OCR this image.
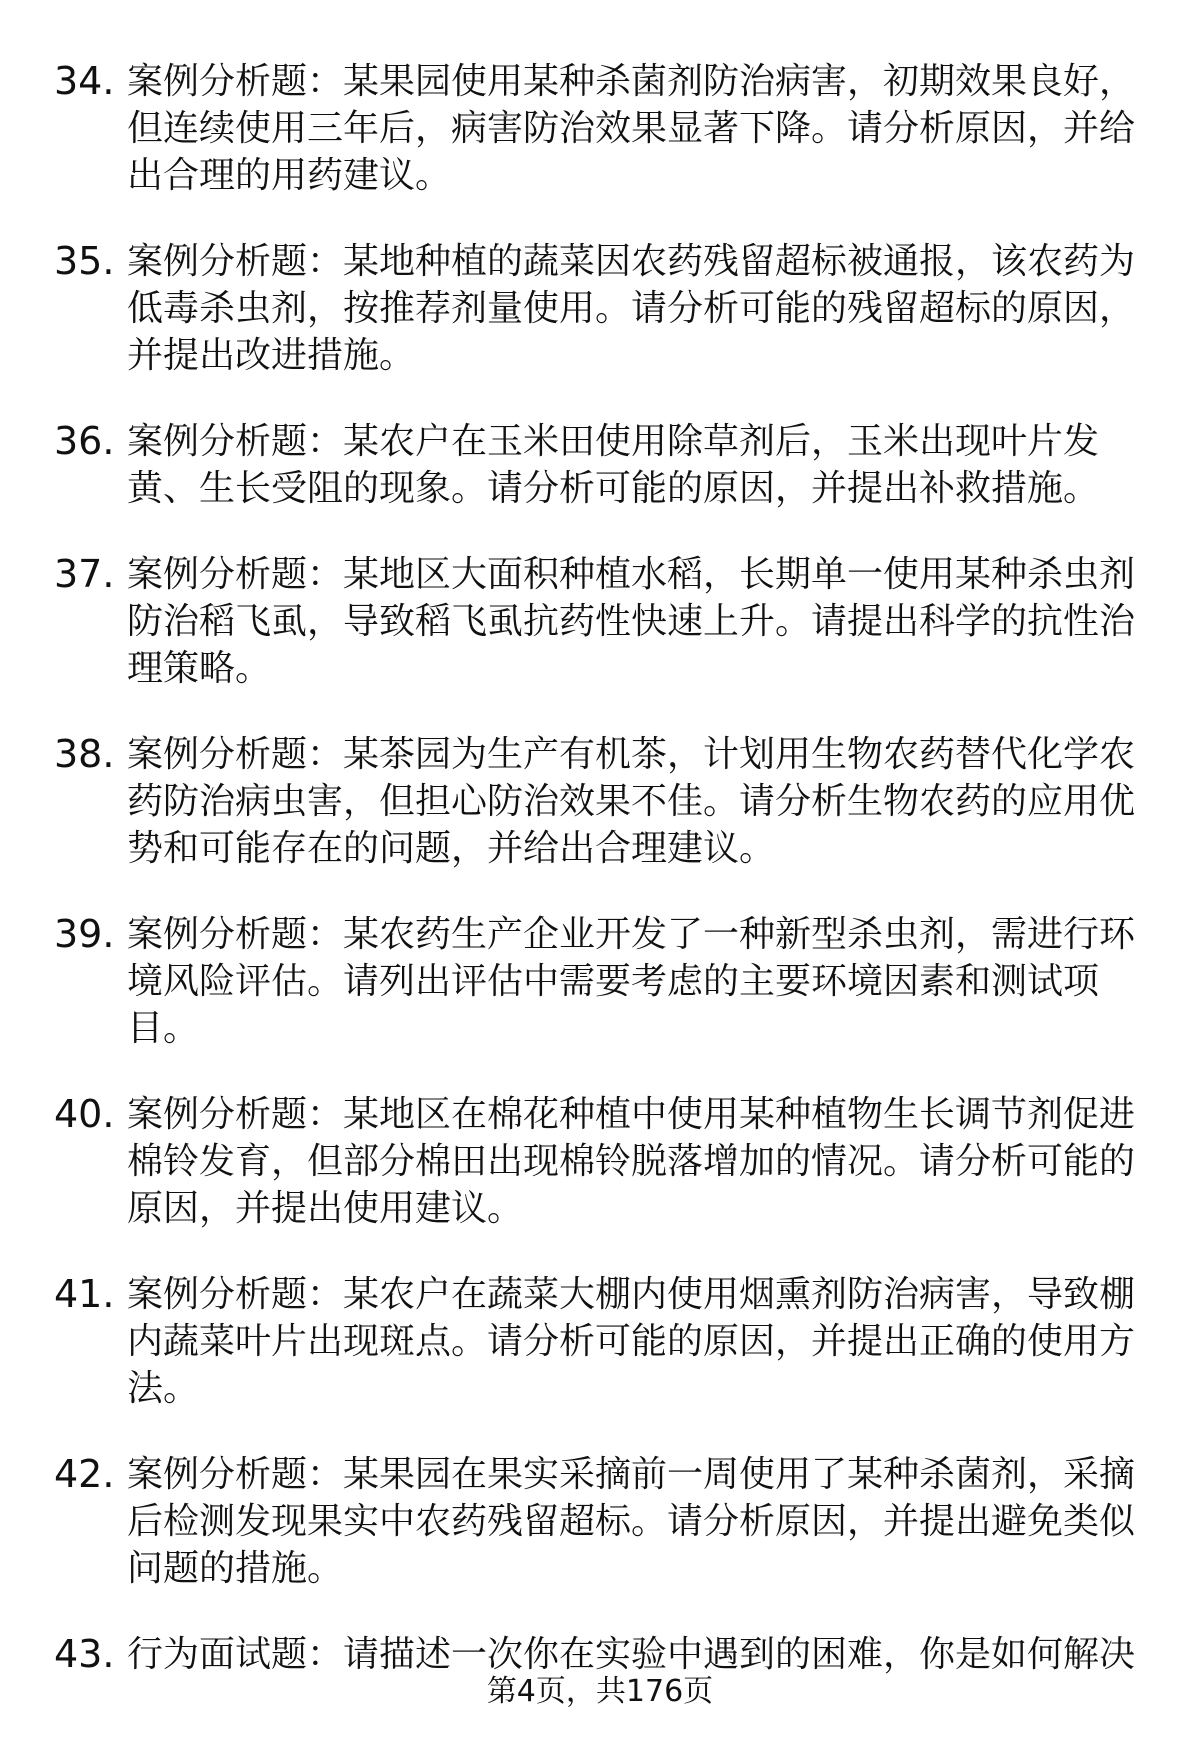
34. 案例分析题：某果园使用某种杀菌剂防治病害，初期效果良好，
但连续使用三年后，病害防治效果显著下降。请分析原因，并给
出合理的用药建议。
35. 案例分析题：某地种植的蔬菜因农药残留超标被通报，该农药为
低毒杀虫剂，按推荐剂量使用。请分析可能的残留超标的原因，
并提出改进措施。
36. 案例分析题：某农户在玉米田使用除草剂后，玉米出现叶片发
黄、生长受阻的现象。请分析可能的原因，并提出补救措施。
37. 案例分析题：某地区大面积种植水稻，长期单一使用某种杀虫剂
防治稻飞虱，导致稻飞虱抗药性快速上升。请提出科学的抗性治
理策略。
38. 案例分析题：某茶园为生产有机茶，计划用生物农药替代化学农
药防治病虫害，但担心防治效果不佳。请分析生物农药的应用优
势和可能存在的问题，并给出合理建议。
39. 案例分析题：某农药生产企业开发了一种新型杀虫剂，需进行环
境风险评估。请列出评估中需要考虑的主要环境因素和测试项
目。
40. 案例分析题：某地区在棉花种植中使用某种植物生长调节剂促进
棉铃发育，但部分棉田出现棉铃脱落增加的情况。请分析可能的
原因，并提出使用建议。
41. 案例分析题：某农户在蔬菜大棚内使用烟熏剂防治病害，导致棚
内蔬菜叶片出现斑点。请分析可能的原因，并提出正确的使用方
法。
42. 案例分析题：某果园在果实采摘前一周使用了某种杀菌剂，采摘
后检测发现果实中农药残留超标。请分析原因，并提出避免类似
问题的措施。
43. 行为面试题：请描述一次你在实验中遇到的困难，你是如何解决
第4页，共176页
